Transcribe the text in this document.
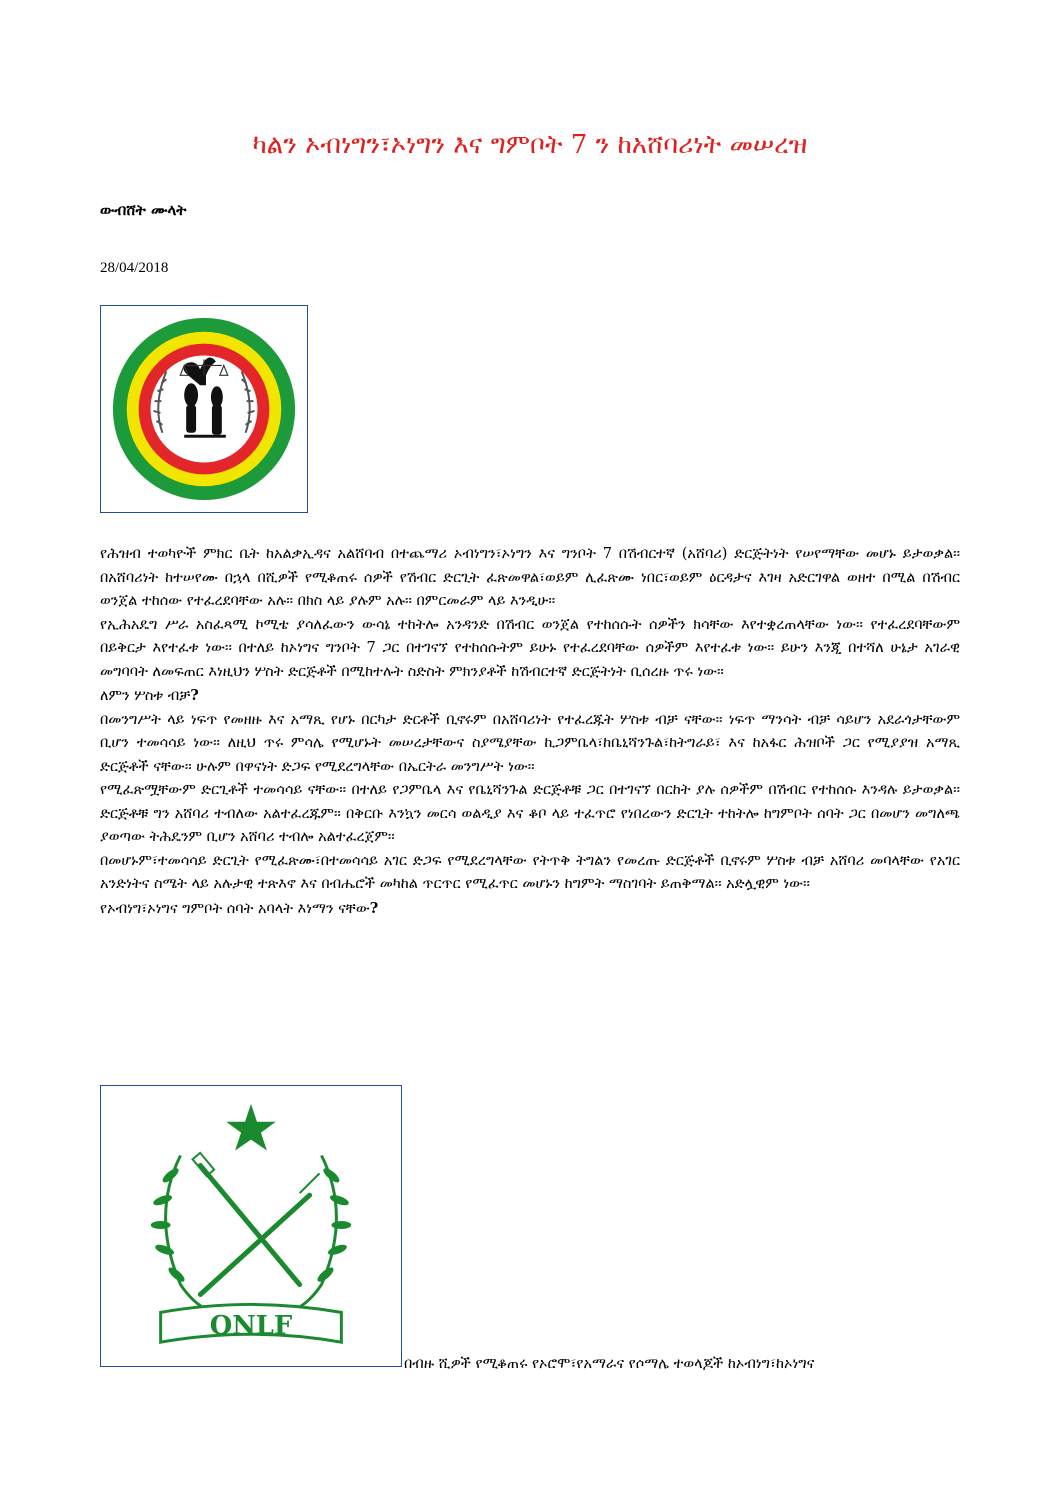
ካልን ኦብነግን፣ኦነግን እና ግምቦት 7 ን ከአሸባሪነት መሠረዝ
ውብሸት ሙላት
28/04/2018

የሕዝብ ተወካዮች ምክር ቤት ከአልቃኢዳና አልሸባብ በተጨማሪ ኦብነግን፣ኦነግን እና ግንቦት 7 በሽብርተኛ (አሸባሪ) ድርጅትነት የሠየማቸው መሆኑ ይታወቃል፡፡ በአሸባሪነት ከተሠየሙ በኋላ በሺዎች የሚቆጠሩ ሰዎች የሽብር ድርጊት ፈጽመዋል፣ወይም ሊፈጽሙ ነበር፣ወይም ዕርዳታና እገዛ አድርገዋል ወዘተ በሚል በሽብር ወንጀል ተከሰው የተፈረደባቸው አሉ፡፡ በክስ ላይ ያሉም አሉ፡፡ በምርመራም ላይ እንዲሁ፡፡

የኢሕአዴግ ሥራ አስፈጻሚ ኮሚቴ ያሳለፈውን ውሳኔ ተከትሎ አንዳንድ በሽብር ወንጀል የተከሰሱት ሰዎችን ክሳቸው እየተቋረጠላቸው ነው፡፡ የተፈረደባቸውም በይቅርታ እየተፈቱ ነው፡፡ በተለይ ከኦነግና ግንቦት 7 ጋር በተገናኘ የተከሰሱትም ይሁኑ የተፈረደባቸው ሰዎችም እየተፈቱ ነው፡፡ ይሁን እንጂ በተሻለ ሁኔታ አገራዊ መግባባት ለመፍጠር እነዚህን ሦስት ድርጅቶች በሚከተሉት ስድስት ምክንያቶች ከሽብርተኛ ድርጅትነት ቢሰረዙ ጥሩ ነው፡፡

ለምን ሦስቱ ብቻ?

በመንግሥት ላይ ነፍጥ የመዘዙ እና አማጺ የሆኑ በርካታ ድርቶች ቢኖሩም በአሸባሪነት የተፈረጁት ሦስቱ ብቻ ናቸው፡፡ ነፍጥ ማንሳት ብቻ ሳይሆን አደራጎታቸውም ቢሆን ተመሳሳይ ነው፡፡ ለዚህ ጥሩ ምሳሌ የሚሆኑት መሠረታቸውና ስያሜያቸው ኪጋምቤላ፣ከቤኒሻንጉል፣ከትግራይ፣ እና ከአፋር ሕዝቦች ጋር የሚያያዝ አማጺ ድርጅቶች ናቸው፡፡ ሁሉም በዋናነት ድጋፍ የሚደረግላቸው በኤርትራ መንግሥት ነው፡፡

የሚፈጽሟቸውም ድርጊቶች ተመሳሳይ ናቸው፡፡ በተለይ የጋምቤላ እና የቤኒሻንጉል ድርጅቶቹ ጋር በተገናኘ በርከት ያሉ ሰዎችም በሽብር የተከሰሱ እንዳሉ ይታወቃል፡፡ ድርጅቶቹ ግን አሸባሪ ተብለው አልተፈረጁም፡፡ በቅርቡ እንኳን መርሳ ወልዲያ እና ቆቦ ላይ ተፈጥሮ የነበረውን ድርጊት ተከትሎ ከግምቦት ሰባት ጋር በመሆን መግለጫ ያወጣው ትሕዴንም ቢሆን አሸባሪ ተብሎ አልተፈረጀም፡፡

በመሆኑም፣ተመሳሳይ ድርጊት የሚፈጽሙ፣በተመሳሳይ አገር ድጋፍ የሚደረግላቸው የትጥቅ ትግልን የመረጡ ድርጅቶች ቢኖሩም ሦስቱ ብቻ አሸባሪ መባላቸው የአገር አንድነትና ስሜት ላይ አሉታዊ ተጽእኖ እና በብሔሮች መካከል ጥርጥር የሚፈጥር መሆኑን ከግምት ማስገባት ይጠቅማል፡፡ አድሏዊም ነው፡፡

የኦብነግ፣ኦነግና ግምቦት ሰባት አባላት እነማን ናቸው?

ONLF
በብዙ ሺዎች የሚቆጠሩ የኦሮሞ፣የአማራና የሶማሌ ተወላጆች ከኦብነግ፣ከኦነግና
